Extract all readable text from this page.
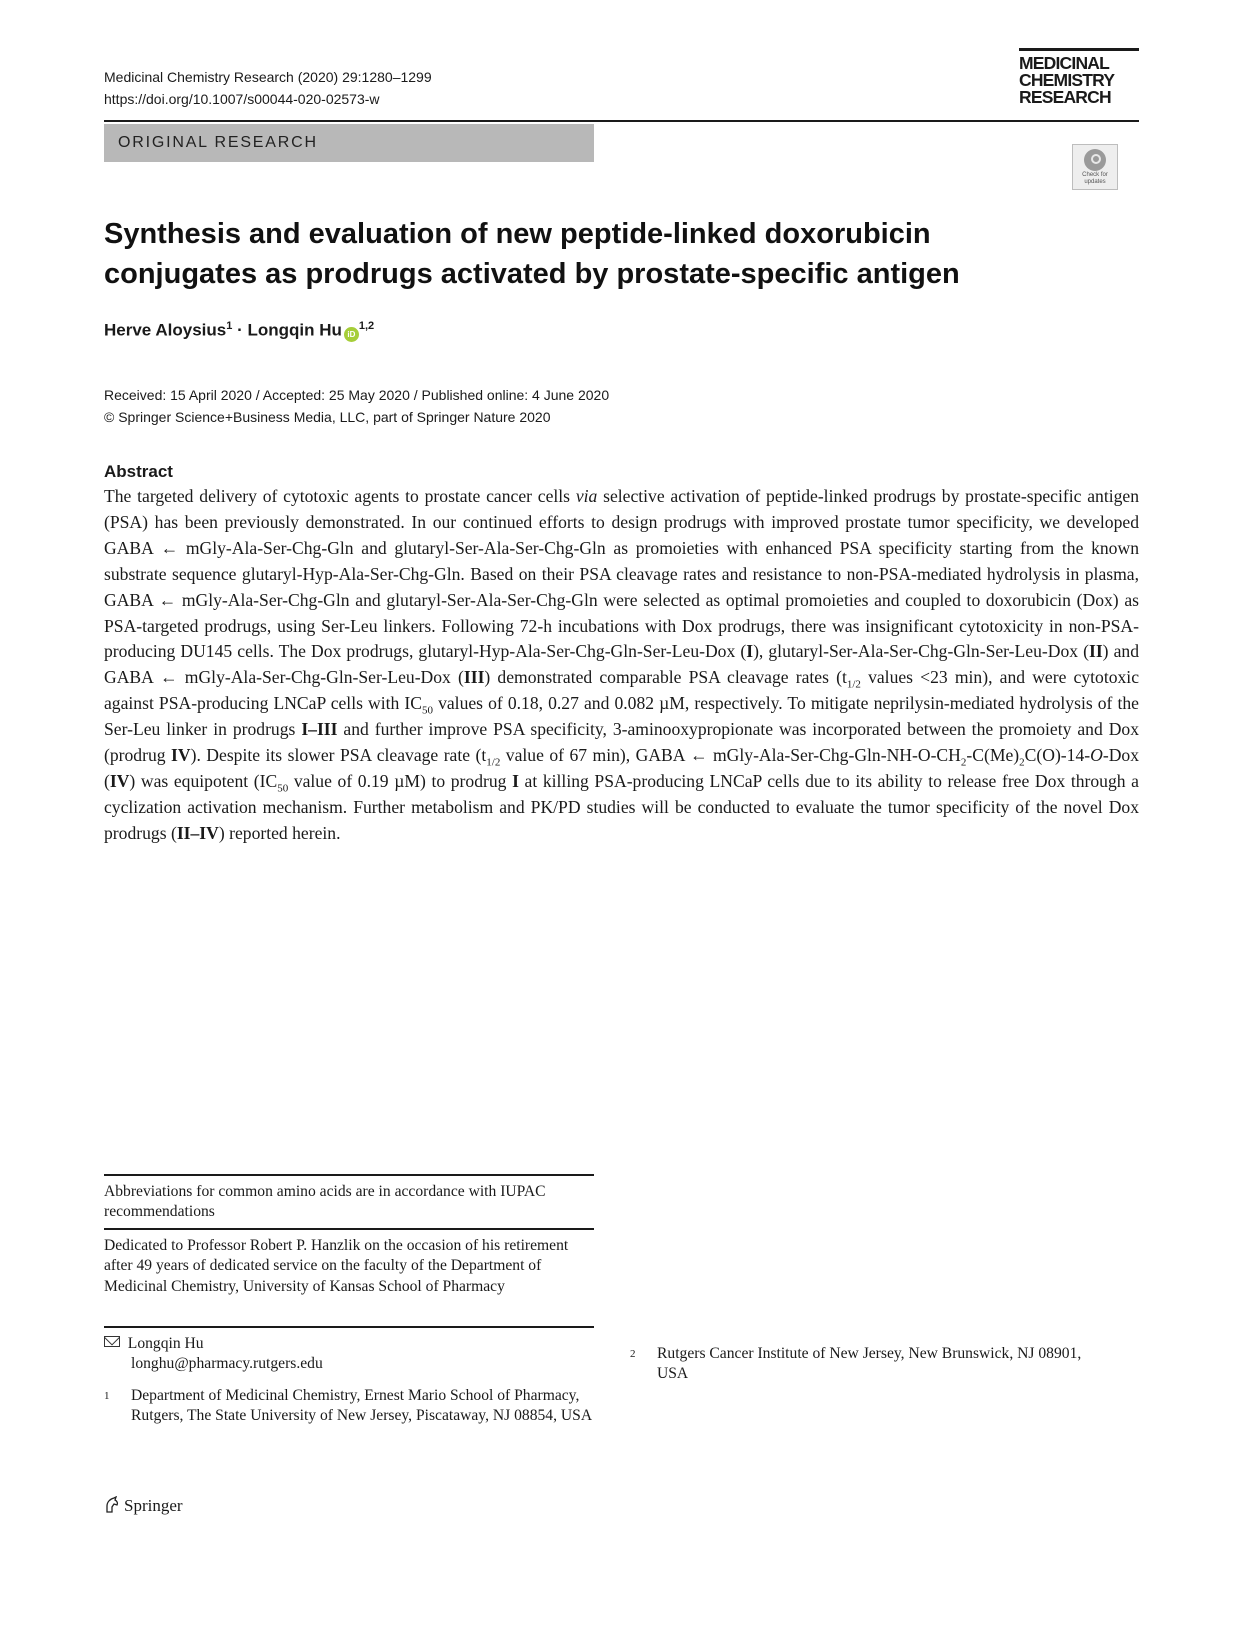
Medicinal Chemistry Research (2020) 29:1280–1299
https://doi.org/10.1007/s00044-020-02573-w
MEDICINAL
CHEMISTRY
RESEARCH
ORIGINAL RESEARCH
Check for updates
Synthesis and evaluation of new peptide-linked doxorubicin
conjugates as prodrugs activated by prostate-specific antigen
Herve Aloysius$^1$ · Longqin Hu iD$^{1,2}$
Received: 15 April 2020 / Accepted: 25 May 2020 / Published online: 4 June 2020
© Springer Science+Business Media, LLC, part of Springer Nature 2020
Abstract

The targeted delivery of cytotoxic agents to prostate cancer cells via selective activation of peptide-linked prodrugs by prostate-specific antigen (PSA) has been previously demonstrated. In our continued efforts to design prodrugs with improved prostate tumor specificity, we developed GABA ← mGly-Ala-Ser-Chg-Gln and glutaryl-Ser-Ala-Ser-Chg-Gln as promoieties with enhanced PSA specificity starting from the known substrate sequence glutaryl-Hyp-Ala-Ser-Chg-Gln. Based on their PSA cleavage rates and resistance to non-PSA-mediated hydrolysis in plasma, GABA ← mGly-Ala-Ser-Chg-Gln and glutaryl-Ser-Ala-Ser-Chg-Gln were selected as optimal promoieties and coupled to doxorubicin (Dox) as PSA-targeted prodrugs, using Ser-Leu linkers. Following 72-h incubations with Dox prodrugs, there was insignificant cytotoxicity in non-PSA-producing DU145 cells. The Dox prodrugs, glutaryl-Hyp-Ala-Ser-Chg-Gln-Ser-Leu-Dox (I), glutaryl-Ser-Ala-Ser-Chg-Gln-Ser-Leu-Dox (II) and GABA ← mGly-Ala-Ser-Chg-Gln-Ser-Leu-Dox (III) demonstrated comparable PSA cleavage rates ($t_{1/2}$ values <23 min), and were cytotoxic against PSA-producing LNCaP cells with $IC_{50}$ values of 0.18, 0.27 and 0.082 µM, respectively. To mitigate neprilysin-mediated hydrolysis of the Ser-Leu linker in prodrugs I–III and further improve PSA specificity, 3-aminooxypropionate was incorporated between the promoiety and Dox (prodrug IV). Despite its slower PSA cleavage rate ($t_{1/2}$ value of 67 min), GABA ← mGly-$Ala-Ser-Chg-Gln-NH-O-CH_2-C(Me)_2C(O)-14-O$-Dox (IV) was equipotent ($IC_{50}$ value of 0.19 µM) to prodrug I at killing PSA-producing LNCaP cells due to its ability to release free Dox through a cyclization activation mechanism. Further metabolism and PK/PD studies will be conducted to evaluate the tumor specificity of the novel Dox prodrugs (II–IV) reported herein.

Abbreviations for common amino acids are in accordance with IUPAC recommendations
Dedicated to Professor Robert P. Hanzlik on the occasion of his retirement after 49 years of dedicated service on the faculty of the Department of Medicinal Chemistry, University of Kansas School of Pharmacy
Longqin Hu
longhu@pharmacy.rutgers.edu
1	Department of Medicinal Chemistry, Ernest Mario School of Pharmacy, Rutgers, The State University of New Jersey, Piscataway, NJ 08854, USA
2	Rutgers Cancer Institute of New Jersey, New Brunswick, NJ 08901, USA
Springer
